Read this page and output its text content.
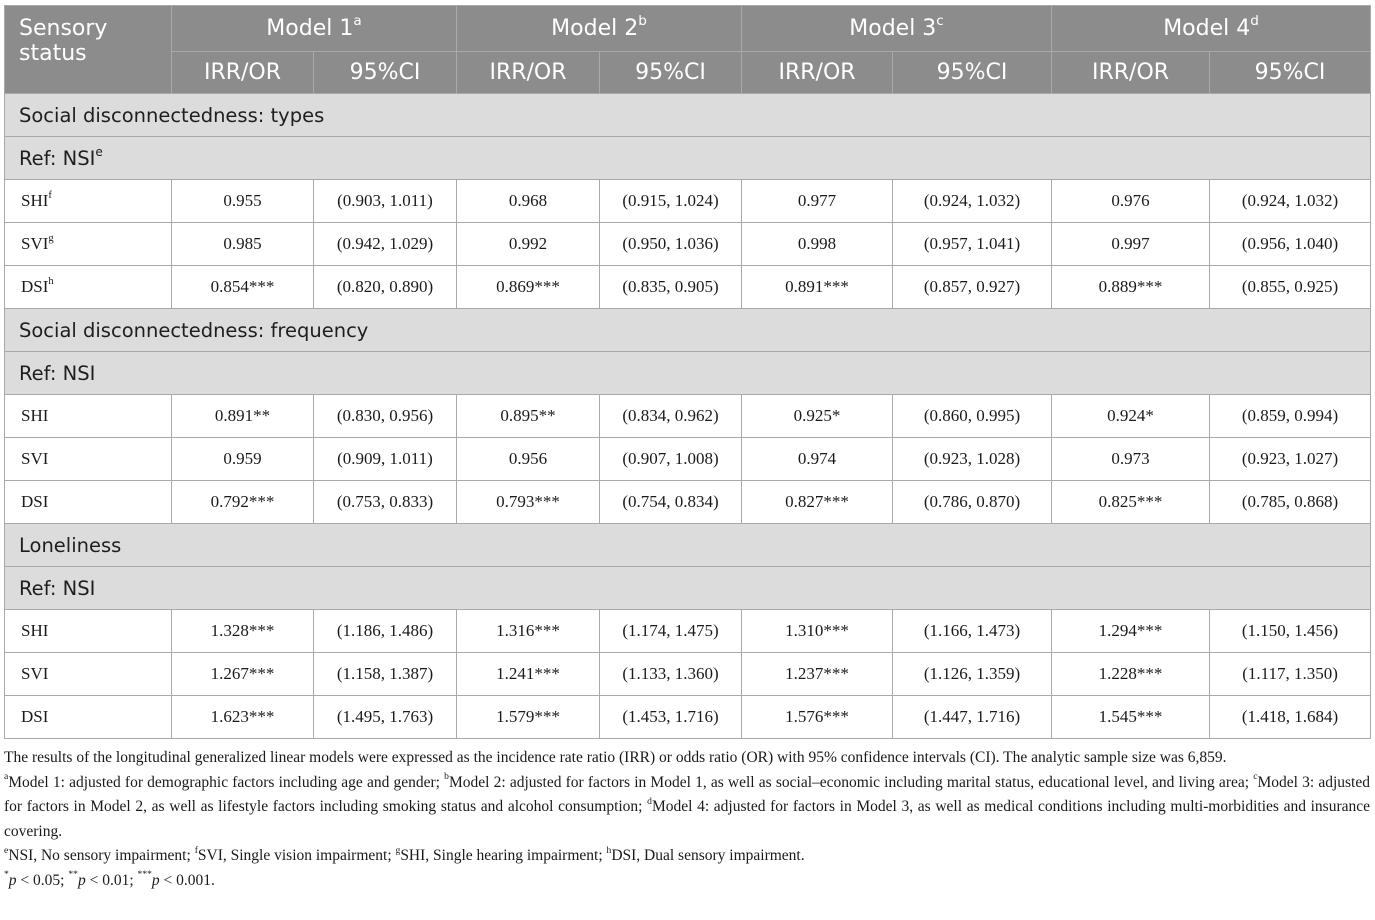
Sensory status	Model 1$^a$		Model 2$^b$		Model 3$^c$		Model 4$^d$
	IRR/OR	95%CI	IRR/OR	95%CI	IRR/OR	95%CI	IRR/OR	95%CI
Social disconnectedness: types								
Ref: NSI$^e$
SHI$^f$	0.955	(0.903, 1.011)	0.968	(0.915, 1.024)	0.977	(0.924, 1.032)	0.976	(0.924, 1.032)
SVI$^g$	0.985	(0.942, 1.029)	0.992	(0.950, 1.036)	0.998	(0.957, 1.041)	0.997	(0.956, 1.040)
DSI$^h$	0.854***	(0.820, 0.890)	0.869***	(0.835, 0.905)	0.891***	(0.857, 0.927)	0.889***	(0.855, 0.925)
Social disconnectedness: frequency								
Ref: NSI								
SHI	0.891**	(0.830, 0.956)	0.895**	(0.834, 0.962)	0.925*	(0.860, 0.995)	0.924*	(0.859, 0.994)
SVI	0.959	(0.909, 1.011)	0.956	(0.907, 1.008)	0.974	(0.923, 1.028)	0.973	(0.923, 1.027)
DSI	0.792***	(0.753, 0.833)	0.793***	(0.754, 0.834)	0.827***	(0.786, 0.870)	0.825***	(0.785, 0.868)
Loneliness								
Ref: NSI								
SHI	1.328***	(1.186, 1.486)	1.316***	(1.174, 1.475)	1.310***	(1.166, 1.473)	1.294***	(1.150, 1.456)
SVI	1.267***	(1.158, 1.387)	1.241***	(1.133, 1.360)	1.237***	(1.126, 1.359)	1.228***	(1.117, 1.350)
DSI	1.623***	(1.495, 1.763)	1.579***	(1.453, 1.716)	1.576***	(1.447, 1.716)	1.545***	(1.418, 1.684)

The results of the longitudinal generalized linear models were expressed as the incidence rate ratio (IRR) or odds ratio (OR) with 95% confidence intervals (CI). The analytic sample size was 6,859.

$^a$Model 1: adjusted for demographic factors including age and gender; $^b$Model 2: adjusted for factors in Model 1, as well as social–economic including marital status, educational level, and living area; $^c$Model 3: adjusted for factors in Model 2, as well as lifestyle factors including smoking status and alcohol consumption; $^d$Model 4: adjusted for factors in Model 3, as well as medical conditions including multi-morbidities and insurance covering.

$^e$NSI, No sensory impairment; $^f$SVI, Single vision impairment; $^g$SHI, Single hearing impairment; $^h$DSI, Dual sensory impairment.

*p < 0.05; **p < 0.01; ***p < 0.001.
